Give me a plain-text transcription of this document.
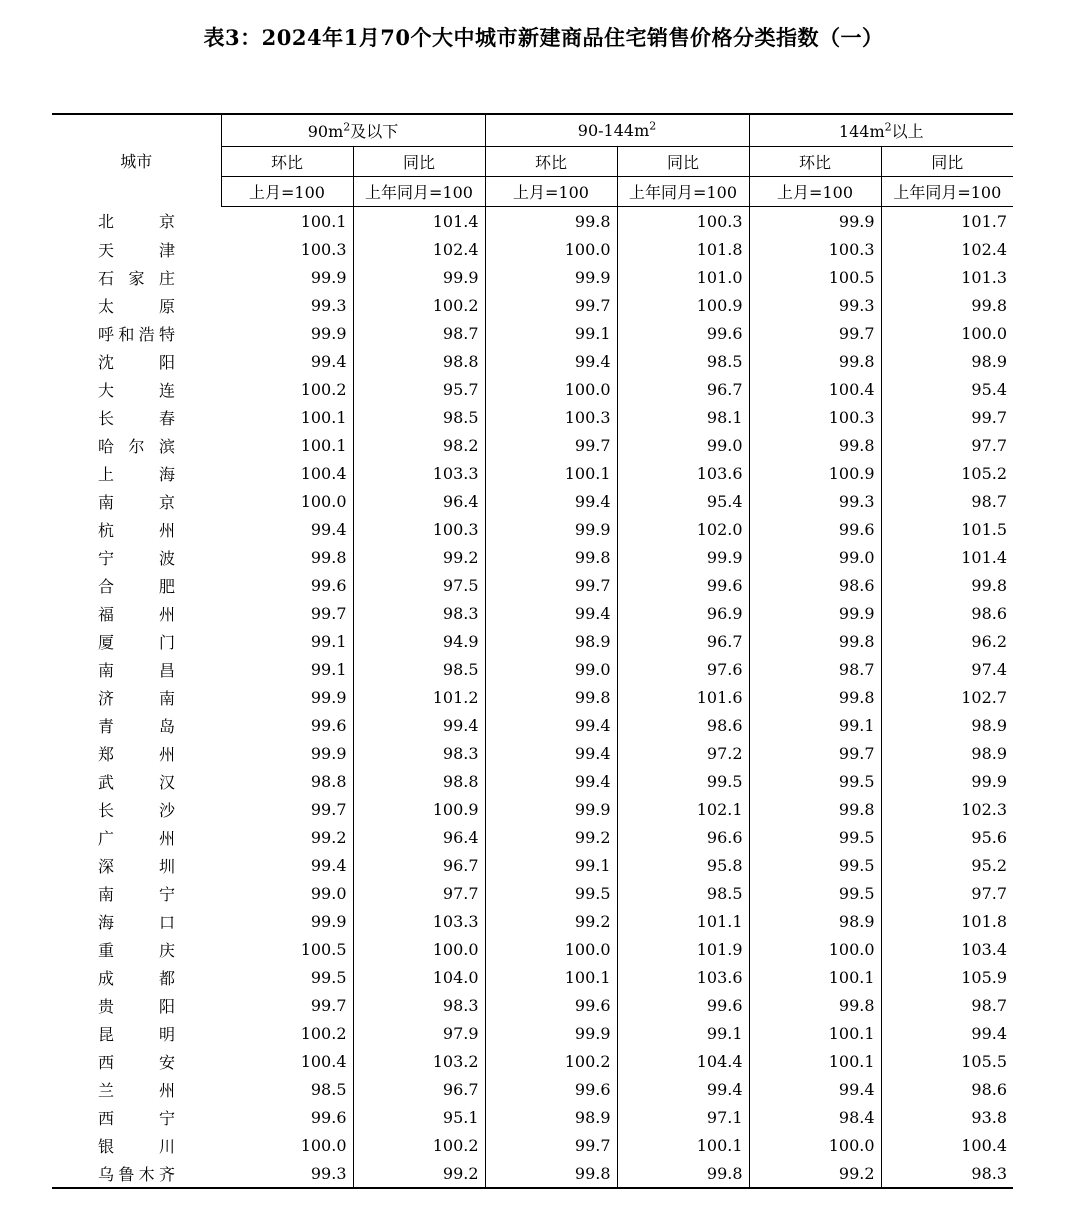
表3：2024年1月70个大中城市新建商品住宅销售价格分类指数（一）
城市	$90m^2$及以下		$90-144m^2$		$144m^2$以上	
	环比	同比	环比	同比	环比	同比
	上月=100	上年同月=100	上月=100	上年同月=100	上月=100	上年同月=100

北京	100.1	101.4	99.8	100.3	99.9	101.7

天津	100.3	102.4	100.0	101.8	100.3	102.4

石家庄	99.9	99.9	99.9	101.0	100.5	101.3

太原	99.3	100.2	99.7	100.9	99.3	99.8

呼和浩特	99.9	98.7	99.1	99.6	99.7	100.0

沈阳	99.4	98.8	99.4	98.5	99.8	98.9

大连	100.2	95.7	100.0	96.7	100.4	95.4

长春	100.1	98.5	100.3	98.1	100.3	99.7

哈尔滨	100.1	98.2	99.7	99.0	99.8	97.7

上海	100.4	103.3	100.1	103.6	100.9	105.2

南京	100.0	96.4	99.4	95.4	99.3	98.7

杭州	99.4	100.3	99.9	102.0	99.6	101.5

宁波	99.8	99.2	99.8	99.9	99.0	101.4

合肥	99.6	97.5	99.7	99.6	98.6	99.8

福州	99.7	98.3	99.4	96.9	99.9	98.6

厦门	99.1	94.9	98.9	96.7	99.8	96.2

南昌	99.1	98.5	99.0	97.6	98.7	97.4

济南	99.9	101.2	99.8	101.6	99.8	102.7

青岛	99.6	99.4	99.4	98.6	99.1	98.9

郑州	99.9	98.3	99.4	97.2	99.7	98.9

武汉	98.8	98.8	99.4	99.5	99.5	99.9

长沙	99.7	100.9	99.9	102.1	99.8	102.3

广州	99.2	96.4	99.2	96.6	99.5	95.6

深圳	99.4	96.7	99.1	95.8	99.5	95.2

南宁	99.0	97.7	99.5	98.5	99.5	97.7

海口	99.9	103.3	99.2	101.1	98.9	101.8

重庆	100.5	100.0	100.0	101.9	100.0	103.4

成都	99.5	104.0	100.1	103.6	100.1	105.9

贵阳	99.7	98.3	99.6	99.6	99.8	98.7

昆明	100.2	97.9	99.9	99.1	100.1	99.4

西安	100.4	103.2	100.2	104.4	100.1	105.5

兰州	98.5	96.7	99.6	99.4	99.4	98.6

西宁	99.6	95.1	98.9	97.1	98.4	93.8

银川	100.0	100.2	99.7	100.1	100.0	100.4

乌鲁木齐	99.3	99.2	99.8	99.8	99.2	98.3
